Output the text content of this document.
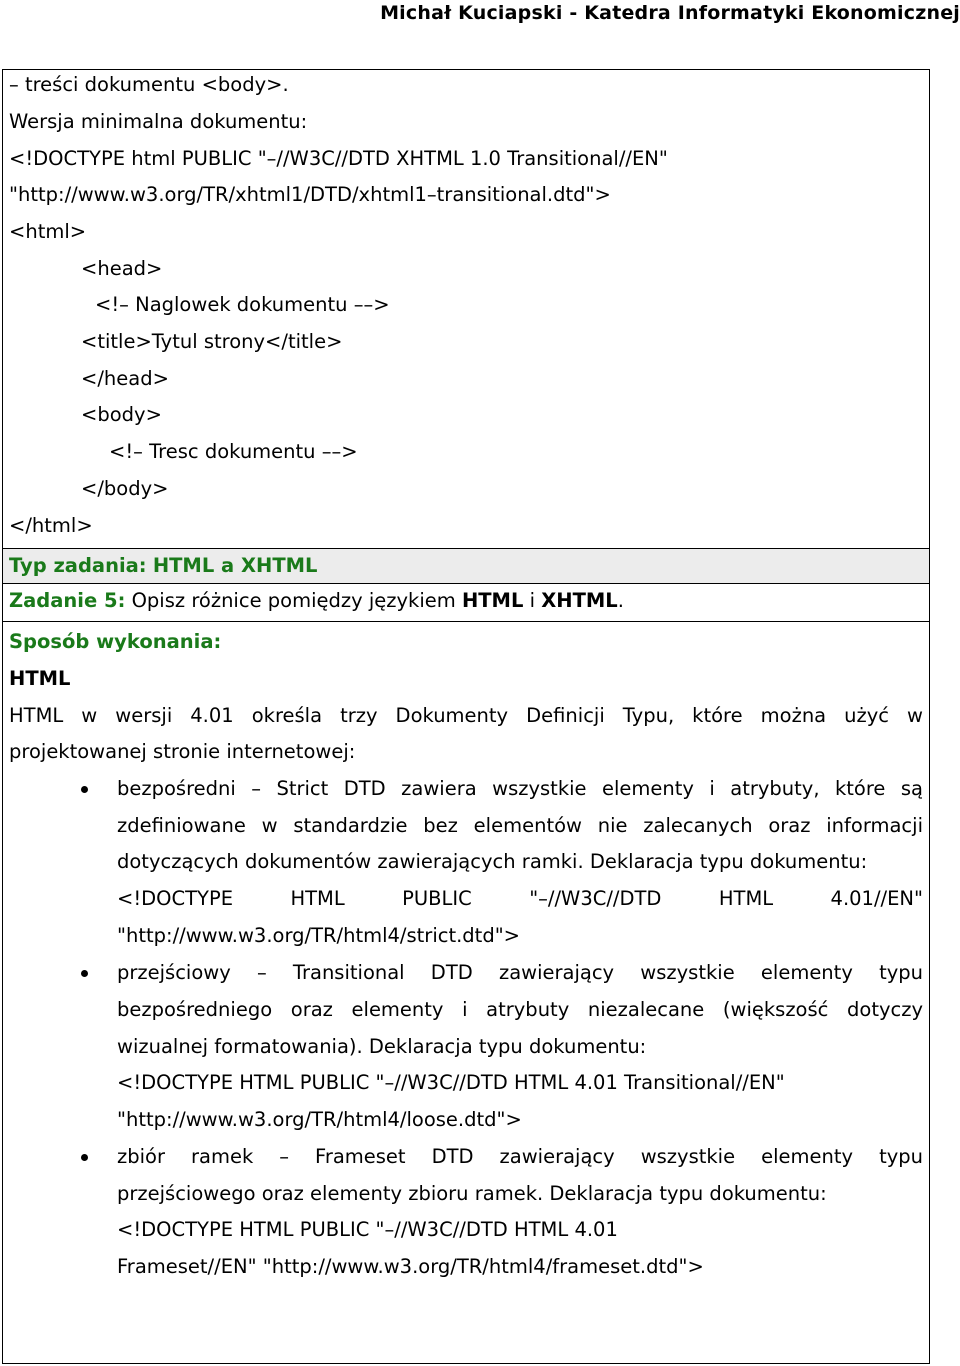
Michał Kuciapski - Katedra Informatyki Ekonomicznej
– treści dokumentu <body>.
Wersja minimalna dokumentu:
<!DOCTYPE html PUBLIC "–//W3C//DTD XHTML 1.0 Transitional//EN"
"http://www.w3.org/TR/xhtml1/DTD/xhtml1–transitional.dtd">
<html>
<head>
<!– Naglowek dokumentu ––>
<title>Tytul strony</title>
</head>
<body>
<!– Tresc dokumentu ––>
</body>
</html>
Typ zadania: HTML a XHTML
Zadanie 5: Opisz różnice pomiędzy językiem HTML i XHTML.
Sposób wykonania:
HTML
HTML w wersji 4.01 określa trzy Dokumenty Definicji Typu, które można użyć w
projektowanej stronie internetowej:
bezpośredni – Strict DTD zawiera wszystkie elementy i atrybuty, które są
zdefiniowane w standardzie bez elementów nie zalecanych oraz informacji
dotyczących dokumentów zawierających ramki. Deklaracja typu dokumentu:
<!DOCTYPE HTML PUBLIC "–//W3C//DTD HTML 4.01//EN"
"http://www.w3.org/TR/html4/strict.dtd">
przejściowy – Transitional DTD zawierający wszystkie elementy typu
bezpośredniego oraz elementy i atrybuty niezalecane (większość dotyczy
wizualnej formatowania). Deklaracja typu dokumentu:
<!DOCTYPE HTML PUBLIC "–//W3C//DTD HTML 4.01 Transitional//EN"
"http://www.w3.org/TR/html4/loose.dtd">
zbiór ramek – Frameset DTD zawierający wszystkie elementy typu
przejściowego oraz elementy zbioru ramek. Deklaracja typu dokumentu:
<!DOCTYPE HTML PUBLIC "–//W3C//DTD HTML 4.01
Frameset//EN" "http://www.w3.org/TR/html4/frameset.dtd">
